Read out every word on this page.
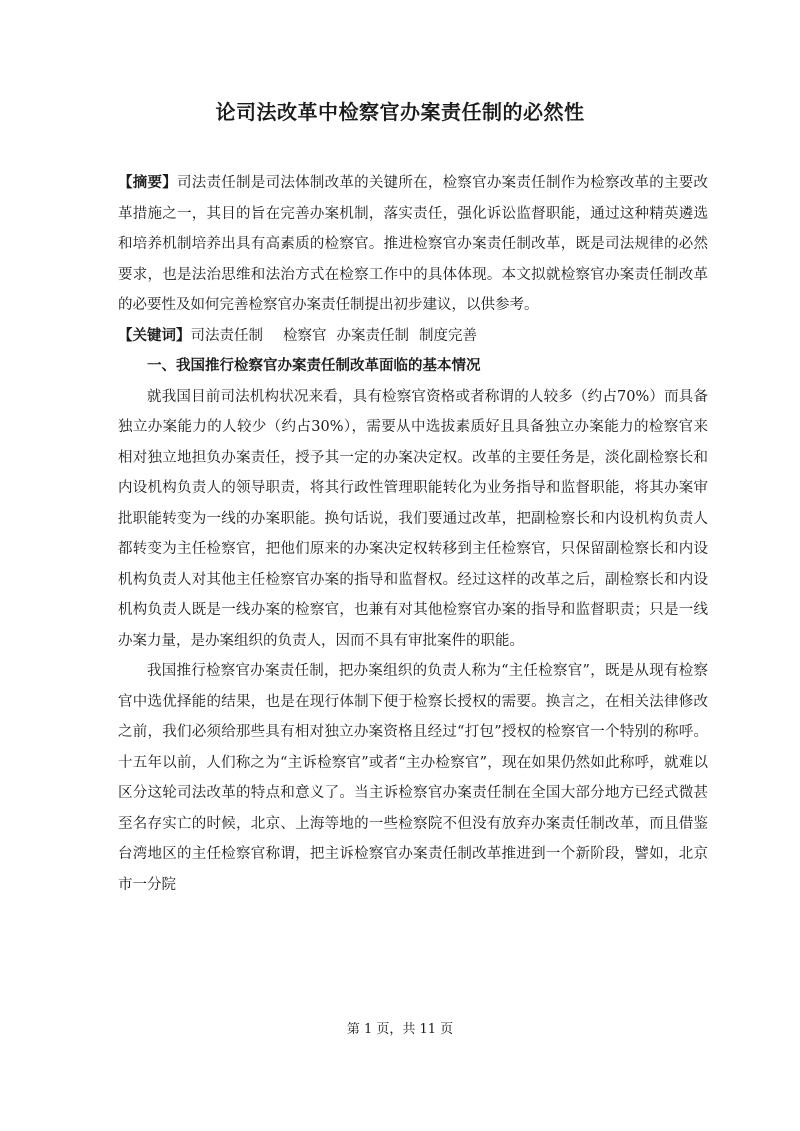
论司法改革中检察官办案责任制的必然性

【摘要】司法责任制是司法体制改革的关键所在，检察官办案责任制作为检察改革的主要改革措施之一，其目的旨在完善办案机制，落实责任，强化诉讼监督职能，通过这种精英遴选和培养机制培养出具有高素质的检察官。推进检察官办案责任制改革，既是司法规律的必然要求，也是法治思维和法治方式在检察工作中的具体体现。本文拟就检察官办案责任制改革的必要性及如何完善检察官办案责任制提出初步建议，以供参考。

【关键词】司法责任制 检察官 办案责任制 制度完善

一、我国推行检察官办案责任制改革面临的基本情况

就我国目前司法机构状况来看，具有检察官资格或者称谓的人较多（约占70%）而具备独立办案能力的人较少（约占30%），需要从中选拔素质好且具备独立办案能力的检察官来相对独立地担负办案责任，授予其一定的办案决定权。改革的主要任务是，淡化副检察长和内设机构负责人的领导职责，将其行政性管理职能转化为业务指导和监督职能，将其办案审批职能转变为一线的办案职能。换句话说，我们要通过改革，把副检察长和内设机构负责人都转变为主任检察官，把他们原来的办案决定权转移到主任检察官，只保留副检察长和内设机构负责人对其他主任检察官办案的指导和监督权。经过这样的改革之后，副检察长和内设机构负责人既是一线办案的检察官，也兼有对其他检察官办案的指导和监督职责；只是一线办案力量，是办案组织的负责人，因而不具有审批案件的职能。

我国推行检察官办案责任制，把办案组织的负责人称为“主任检察官”，既是从现有检察官中选优择能的结果，也是在现行体制下便于检察长授权的需要。换言之，在相关法律修改之前，我们必须给那些具有相对独立办案资格且经过“打包”授权的检察官一个特别的称呼。十五年以前，人们称之为“主诉检察官”或者“主办检察官”，现在如果仍然如此称呼，就难以区分这轮司法改革的特点和意义了。当主诉检察官办案责任制在全国大部分地方已经式微甚至名存实亡的时候，北京、上海等地的一些检察院不但没有放弃办案责任制改革，而且借鉴台湾地区的主任检察官称谓，把主诉检察官办案责任制改革推进到一个新阶段，譬如，北京市一分院

第 1 页，共 11 页
